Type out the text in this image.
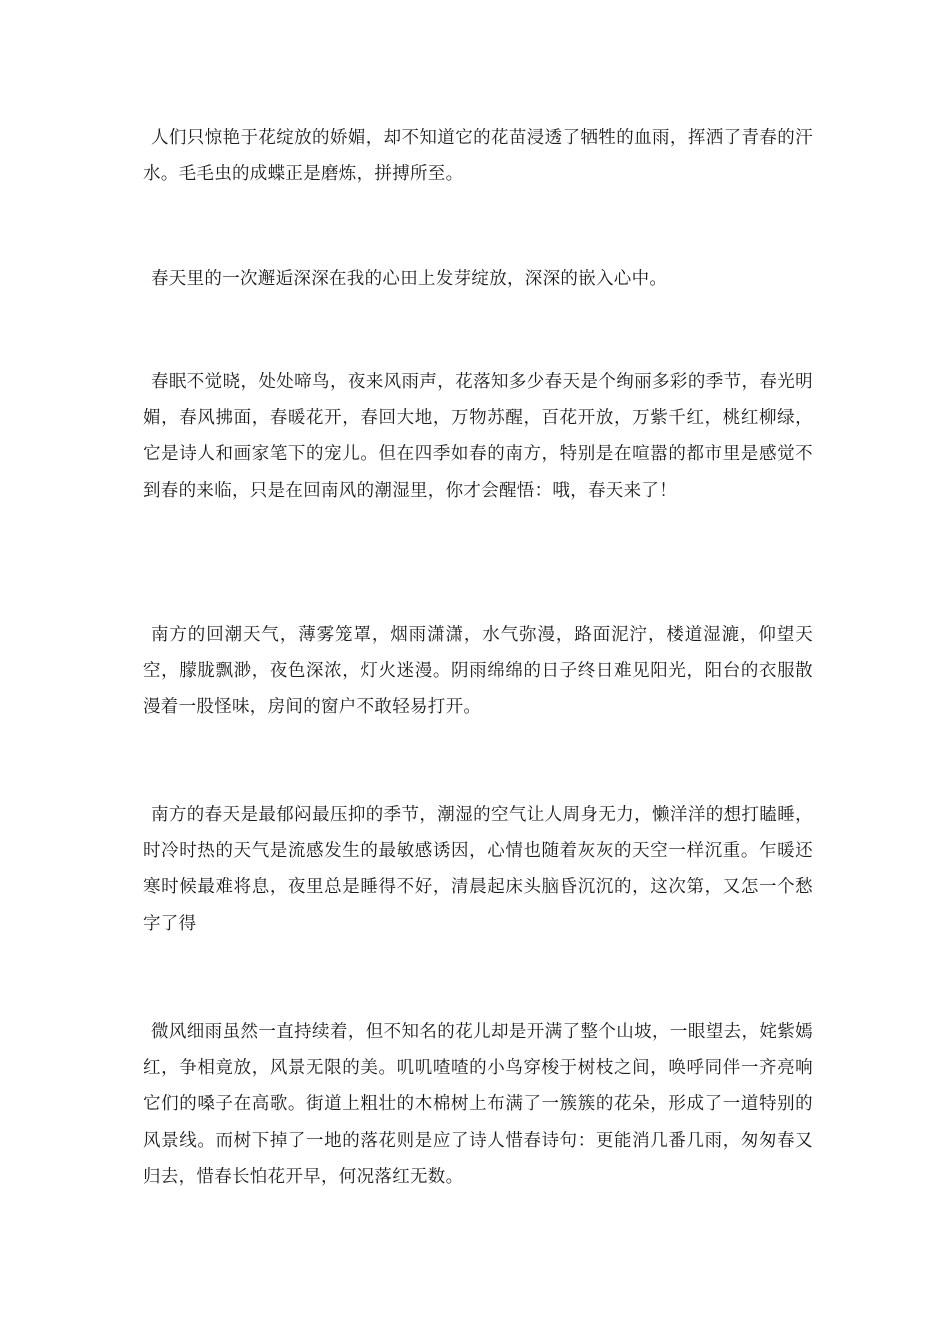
人们只惊艳于花绽放的娇媚，却不知道它的花苗浸透了牺牲的血雨，挥洒了青春的汗水。毛毛虫的成蝶正是磨炼，拼搏所至。

春天里的一次邂逅深深在我的心田上发芽绽放，深深的嵌入心中。

春眠不觉晓，处处啼鸟，夜来风雨声，花落知多少春天是个绚丽多彩的季节，春光明媚，春风拂面，春暖花开，春回大地，万物苏醒，百花开放，万紫千红，桃红柳绿，它是诗人和画家笔下的宠儿。但在四季如春的南方，特别是在喧嚣的都市里是感觉不到春的来临，只是在回南风的潮湿里，你才会醒悟：哦，春天来了！

南方的回潮天气，薄雾笼罩，烟雨潇潇，水气弥漫，路面泥泞，楼道湿漉，仰望天空，朦胧飘渺，夜色深浓，灯火迷漫。阴雨绵绵的日子终日难见阳光，阳台的衣服散漫着一股怪味，房间的窗户不敢轻易打开。

南方的春天是最郁闷最压抑的季节，潮湿的空气让人周身无力，懒洋洋的想打瞌睡，时冷时热的天气是流感发生的最敏感诱因，心情也随着灰灰的天空一样沉重。乍暖还寒时候最难将息，夜里总是睡得不好，清晨起床头脑昏沉沉的，这次第，又怎一个愁字了得

微风细雨虽然一直持续着，但不知名的花儿却是开满了整个山坡，一眼望去，姹紫嫣红，争相竟放，风景无限的美。叽叽喳喳的小鸟穿梭于树枝之间，唤呼同伴一齐亮响它们的嗓子在高歌。街道上粗壮的木棉树上布满了一簇簇的花朵，形成了一道特别的风景线。而树下掉了一地的落花则是应了诗人惜春诗句：更能消几番几雨，匆匆春又归去，惜春长怕花开早，何况落红无数。
